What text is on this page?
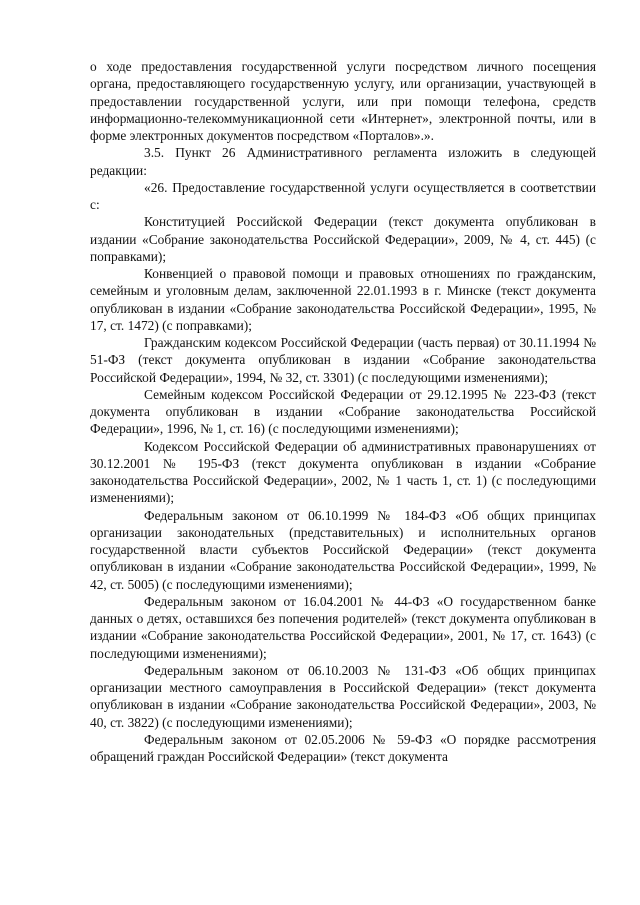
о ходе предоставления государственной услуги посредством личного посещения органа, предоставляющего государственную услугу, или организации, участвующей в предоставлении государственной услуги, или при помощи телефона, средств информационно-телекоммуникационной сети «Интернет», электронной почты, или в форме электронных документов посредством «Порталов».».

3.5. Пункт 26 Административного регламента изложить в следующей редакции:

«26. Предоставление государственной услуги осуществляется в соответствии с:

Конституцией Российской Федерации (текст документа опубликован в издании «Собрание законодательства Российской Федерации», 2009, № 4, ст. 445) (с поправками);

Конвенцией о правовой помощи и правовых отношениях по гражданским, семейным и уголовным делам, заключенной 22.01.1993 в г. Минске (текст документа опубликован в издании «Собрание законодательства Российской Федерации», 1995, № 17, ст. 1472) (с поправками);

Гражданским кодексом Российской Федерации (часть первая) от 30.11.1994 № 51-ФЗ (текст документа опубликован в издании «Собрание законодательства Российской Федерации», 1994, № 32, ст. 3301) (с последующими изменениями);

Семейным кодексом Российской Федерации от 29.12.1995 № 223-ФЗ (текст документа опубликован в издании «Собрание законодательства Российской Федерации», 1996, № 1, ст. 16) (с последующими изменениями);

Кодексом Российской Федерации об административных правонарушениях от 30.12.2001 № 195-ФЗ (текст документа опубликован в издании «Собрание законодательства Российской Федерации», 2002, № 1 часть 1, ст. 1) (с последующими изменениями);

Федеральным законом от 06.10.1999 № 184-ФЗ «Об общих принципах организации законодательных (представительных) и исполнительных органов государственной власти субъектов Российской Федерации» (текст документа опубликован в издании «Собрание законодательства Российской Федерации», 1999, № 42, ст. 5005) (с последующими изменениями);

Федеральным законом от 16.04.2001 № 44-ФЗ «О государственном банке данных о детях, оставшихся без попечения родителей» (текст документа опубликован в издании «Собрание законодательства Российской Федерации», 2001, № 17, ст. 1643) (с последующими изменениями);

Федеральным законом от 06.10.2003 № 131-ФЗ «Об общих принципах организации местного самоуправления в Российской Федерации» (текст документа опубликован в издании «Собрание законодательства Российской Федерации», 2003, № 40, ст. 3822) (с последующими изменениями);

Федеральным законом от 02.05.2006 № 59-ФЗ «О порядке рассмотрения обращений граждан Российской Федерации» (текст документа
